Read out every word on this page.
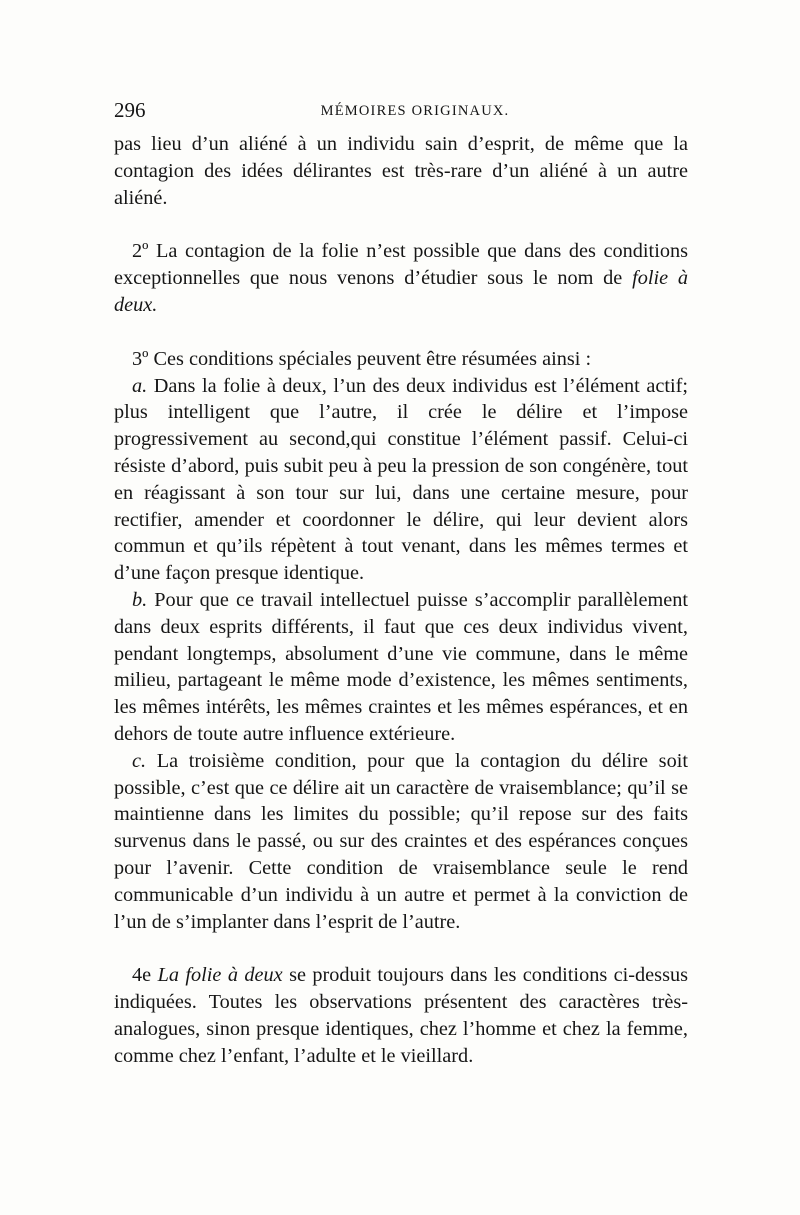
296	MÉMOIRES ORIGINAUX.

pas lieu d’un aliéné à un individu sain d’esprit, de même que la contagion des idées délirantes est très-rare d’un aliéné à un autre aliéné.

2º La contagion de la folie n’est possible que dans des conditions exceptionnelles que nous venons d’étudier sous le nom de folie à deux.

3º Ces conditions spéciales peuvent être résumées ainsi :

a. Dans la folie à deux, l’un des deux individus est l’élément actif; plus intelligent que l’autre, il crée le délire et l’impose progressivement au second,qui constitue l’élément passif. Celui-ci résiste d’abord, puis subit peu à peu la pression de son congénère, tout en réagissant à son tour sur lui, dans une certaine mesure, pour rectifier, amender et coordonner le délire, qui leur devient alors commun et qu’ils répètent à tout venant, dans les mêmes termes et d’une façon presque identique.

b. Pour que ce travail intellectuel puisse s’accomplir parallèlement dans deux esprits différents, il faut que ces deux individus vivent, pendant longtemps, absolument d’une vie commune, dans le même milieu, partageant le même mode d’existence, les mêmes sentiments, les mêmes intérêts, les mêmes craintes et les mêmes espérances, et en dehors de toute autre influence extérieure.

c. La troisième condition, pour que la contagion du délire soit possible, c’est que ce délire ait un caractère de vraisemblance; qu’il se maintienne dans les limites du possible; qu’il repose sur des faits survenus dans le passé, ou sur des craintes et des espérances conçues pour l’avenir. Cette condition de vraisemblance seule le rend communicable d’un individu à un autre et permet à la conviction de l’un de s’implanter dans l’esprit de l’autre.

4e La folie à deux se produit toujours dans les conditions ci-dessus indiquées. Toutes les observations présentent des caractères très-analogues, sinon presque identiques, chez l’homme et chez la femme, comme chez l’enfant, l’adulte et le vieillard.
